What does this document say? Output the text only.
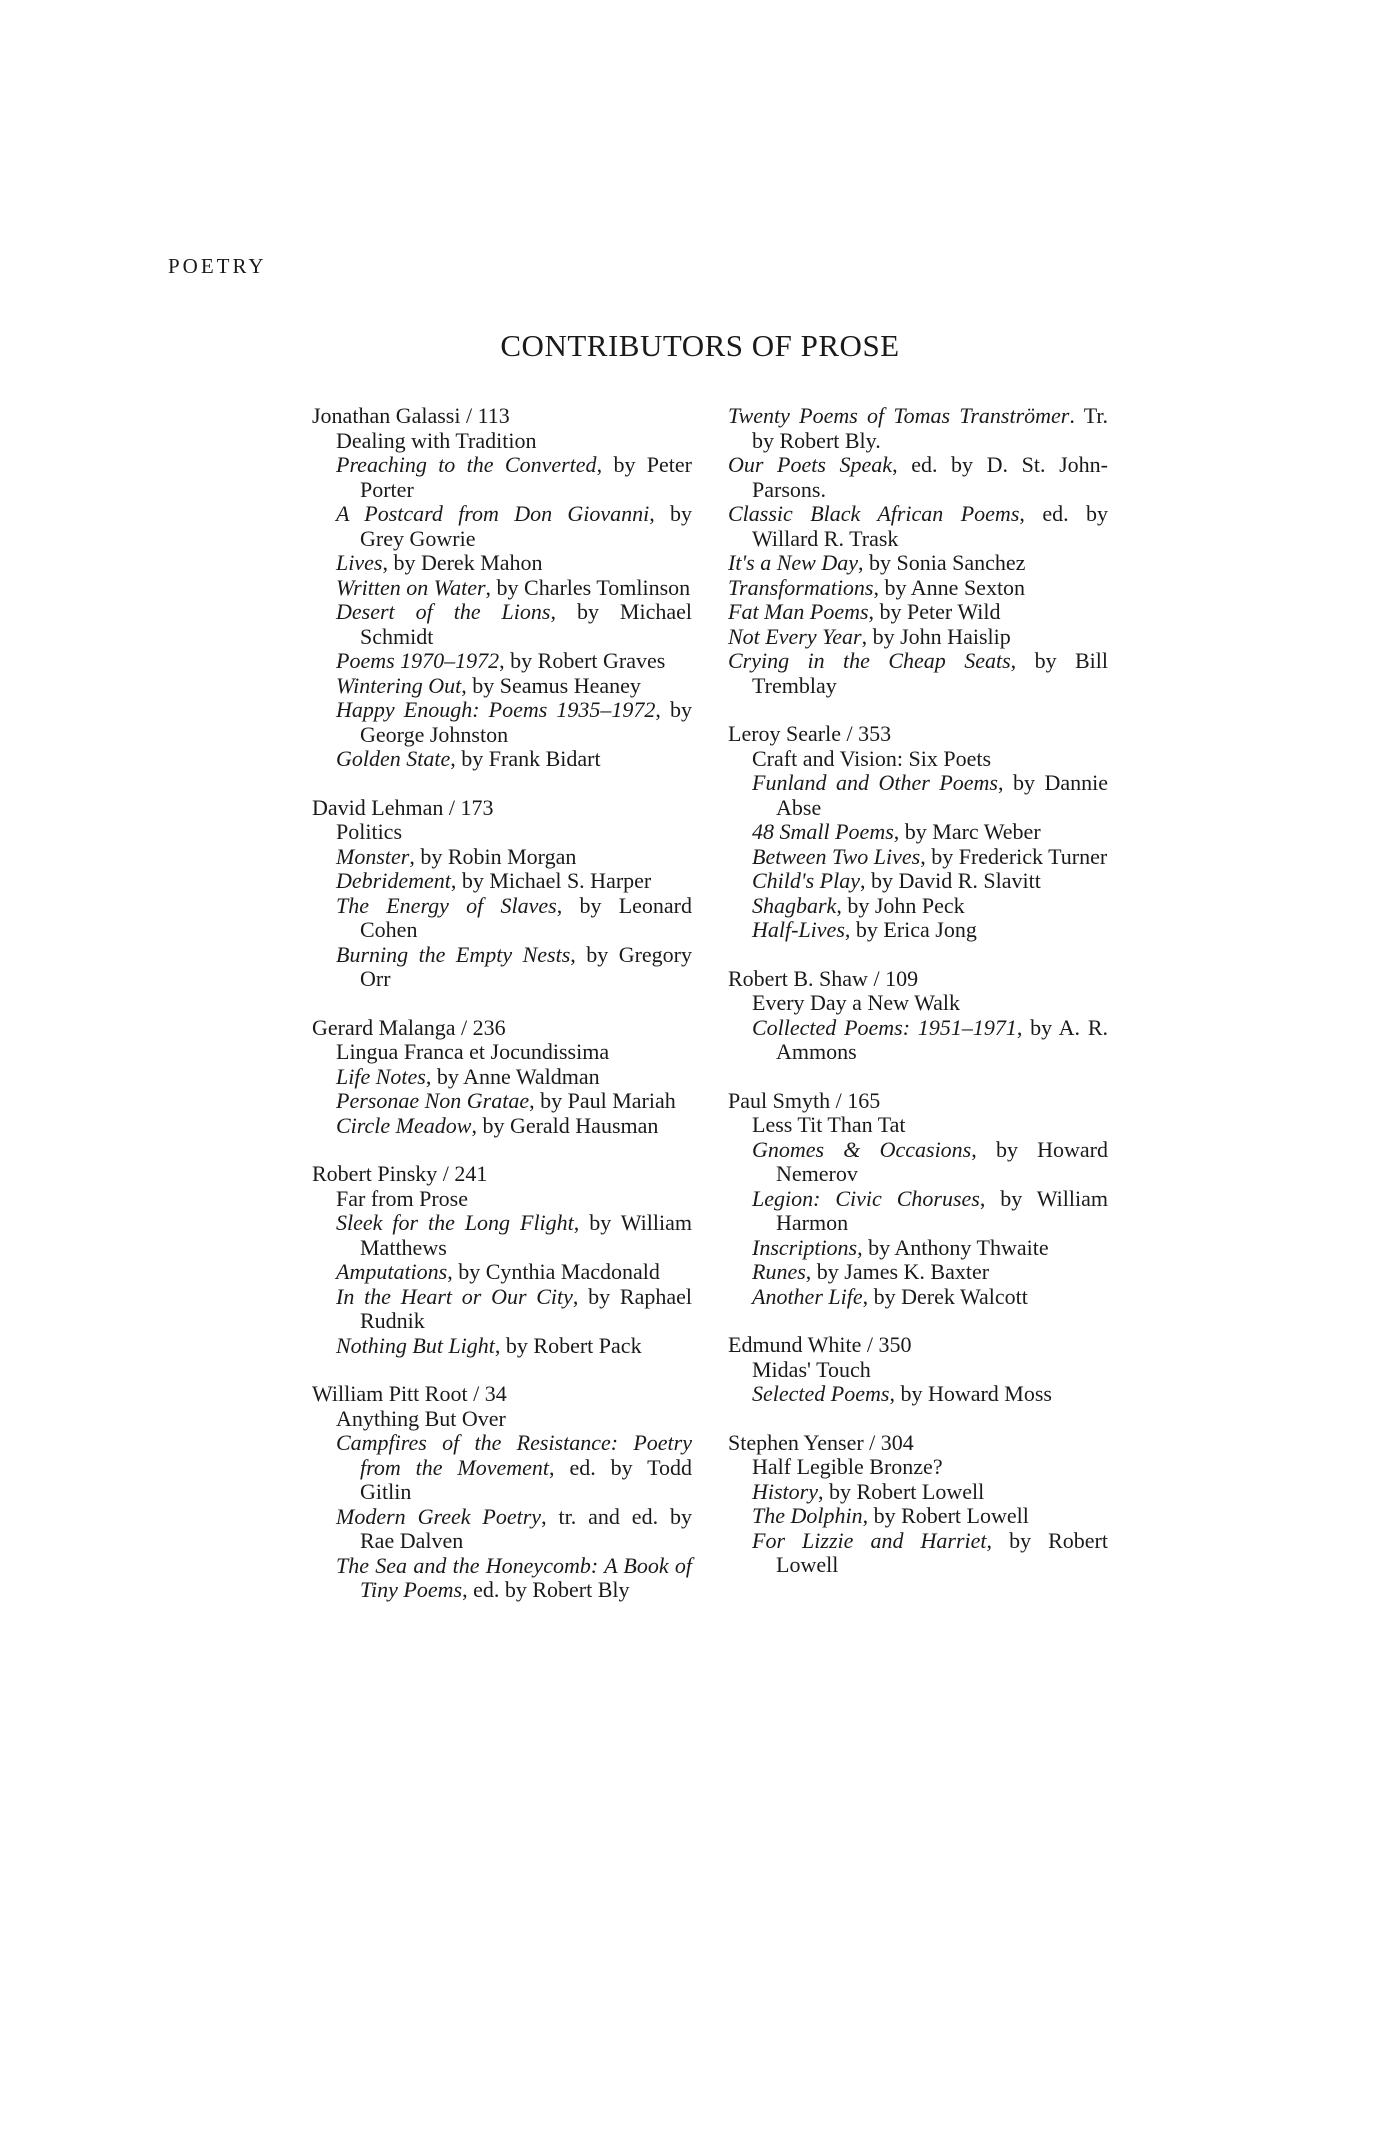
POETRY
CONTRIBUTORS OF PROSE
Jonathan Galassi / 113
Dealing with Tradition
Preaching to the Converted, by Peter Porter
A Postcard from Don Giovanni, by Grey Gowrie
Lives, by Derek Mahon
Written on Water, by Charles Tomlinson
Desert of the Lions, by Michael Schmidt
Poems 1970–1972, by Robert Graves
Wintering Out, by Seamus Heaney
Happy Enough: Poems 1935–1972, by George Johnston
Golden State, by Frank Bidart
David Lehman / 173
Politics
Monster, by Robin Morgan
Debridement, by Michael S. Harper
The Energy of Slaves, by Leonard Cohen
Burning the Empty Nests, by Gregory Orr
Gerard Malanga / 236
Lingua Franca et Jocundissima
Life Notes, by Anne Waldman
Personae Non Gratae, by Paul Mariah
Circle Meadow, by Gerald Hausman
Robert Pinsky / 241
Far from Prose
Sleek for the Long Flight, by William Matthews
Amputations, by Cynthia Macdonald
In the Heart or Our City, by Raphael Rudnik
Nothing But Light, by Robert Pack
William Pitt Root / 34
Anything But Over
Campfires of the Resistance: Poetry from the Movement, ed. by Todd Gitlin
Modern Greek Poetry, tr. and ed. by Rae Dalven
The Sea and the Honeycomb: A Book of Tiny Poems, ed. by Robert Bly
Twenty Poems of Tomas Tranströmer. Tr. by Robert Bly.
Our Poets Speak, ed. by D. St. John-Parsons.
Classic Black African Poems, ed. by Willard R. Trask
It's a New Day, by Sonia Sanchez
Transformations, by Anne Sexton
Fat Man Poems, by Peter Wild
Not Every Year, by John Haislip
Crying in the Cheap Seats, by Bill Tremblay
Leroy Searle / 353
Craft and Vision: Six Poets
Funland and Other Poems, by Dannie Abse
48 Small Poems, by Marc Weber
Between Two Lives, by Frederick Turner
Child's Play, by David R. Slavitt
Shagbark, by John Peck
Half-Lives, by Erica Jong
Robert B. Shaw / 109
Every Day a New Walk
Collected Poems: 1951–1971, by A. R. Ammons
Paul Smyth / 165
Less Tit Than Tat
Gnomes & Occasions, by Howard Nemerov
Legion: Civic Choruses, by William Harmon
Inscriptions, by Anthony Thwaite
Runes, by James K. Baxter
Another Life, by Derek Walcott
Edmund White / 350
Midas' Touch
Selected Poems, by Howard Moss
Stephen Yenser / 304
Half Legible Bronze?
History, by Robert Lowell
The Dolphin, by Robert Lowell
For Lizzie and Harriet, by Robert Lowell
